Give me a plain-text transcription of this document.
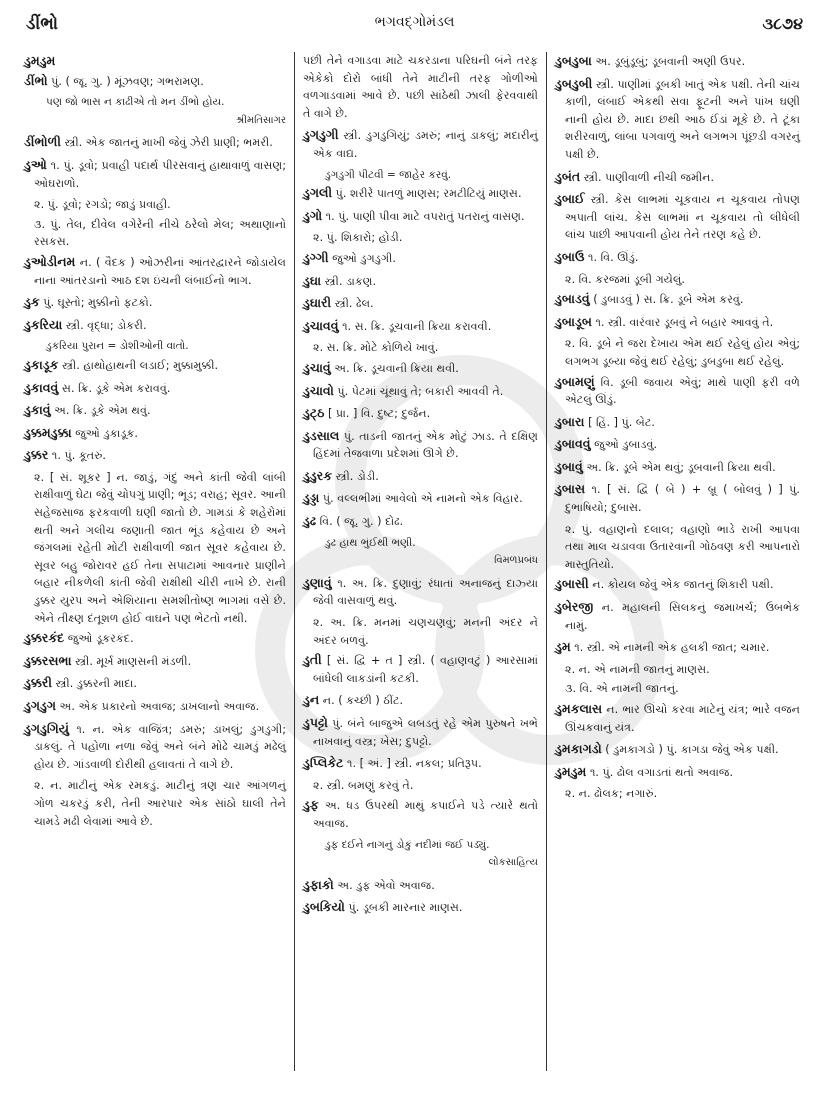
ડીંભો	ભગવદ્ગોમંડલ	૩૮૭૪
ડુમડુમ

ડીંભો પું. ( જૂ. ગુ. ) મૂંઝવણ; ગભરામણ.

પણ જો ભાસ ન કાઢીએ તો મન ડીંભો હોય.

શ્રીમતિસાગર

ડીંભોળી સ્ત્રી. એક જાતનું માખી જેવું ઝેરી પ્રાણી; ભમરી.

ડુઓ ૧. પું. ડૂવો; પ્રવાહી પદાર્થ પીરસવાનું હાથાવાળું વાસણ; ઓઘરાળો.

૨. પું. ડૂવો; રગડો; જાડું પ્રવાહી.

૩. પું. તેલ, દીવેલ વગેરેની નીચે ઠરેલો મેલ; અથાણાનો રસકસ.

ડુઓડીનમ ન. ( વૈદક ) ઓઝરીનાં આંતરદ્વારને જોડાયેલ નાના આંતરડાનો આઠ દશ ઇંચની લંબાઈનો ભાગ.

ડુક પું. ઘૂસ્તો; મુક્કીનો ફટકો.

ડુકરિયા સ્ત્રી. વૃદ્ધા; ડોકરી.

ડુકરિયા પુરાન = ડોશીઓની વાતો.

ડુકાડૂક સ્ત્રી. હાથોહાથની લડાઈ; મુક્કામુક્કી.

ડુકાવવું સ. ક્રિ. ડૂકે એમ કરાવવું.

ડુકાવું અ. ક્રિ. ડૂકે એમ થવું.

ડુક્કમડુક્કા જુઓ ડુકાડૂક.

ડુક્કર ૧. પું. કૂતરું.

૨. [ સં. શૂકર ] ન. જાડું, ગંદું અને કાંતી જેવી લાંબી રાક્ષીવાળું ઘેટા જેવું ચોપગું પ્રાણી; ભૂંડ; વરાહ; સૂવર. આની સહેજસાજ ફરકવાળી ઘણી જાતો છે. ગામડાં કે શહેરોમાં થતી અને ગલીચ જણાતી જાત ભૂંડ કહેવાય છે અને જંગલમાં રહેતી મોટી રાક્ષીવાળી જાત સૂવર કહેવાય છે. સૂવર બહુ જોરાવર હઈ તેના સપાટામાં આવનાર પ્રાણીને બહાર નીકળેલી કાંતી જેવી રાક્ષીથી ચીરી નાખે છે. રાની ડુક્કર યુરપ અને એશિયાના સમશીતોષ્ણ ભાગમાં વસે છે. એને તીક્ષ્ણ દંતૂશળ હોઈ વાઘને પણ ભેટતો નથી.

ડુક્કરકંદ જુઓ ડૂકરકંદ.

ડુક્કરસભા સ્ત્રી. મૂર્ખ માણસની મંડળી.

ડુક્કરી સ્ત્રી. ડુક્કરની માદા.

ડુગડુગ અ. એક પ્રકારનો અવાજ; ડાખલાનો અવાજ.

ડુગડુગિયું ૧. ન. એક વાજિંત્ર; ડમરું; ડાખલું; ડુગડુગી; ડાકલું. તે પહોળા નળા જેવું અને બંને મોઢે ચામડું મઢેલું હોય છે. ગાંડવાળી દોરીથી હલાવતાં તે વાગે છે.

૨. ન. માટીનું એક રમકડું. માટીનું ત્રણ ચાર આંગળનું ગોળ ચકરડું કરી, તેની આરપાર એક સાંઠો ઘાલી તેને ચામડે મઢી લેવામાં આવે છે.

પછી તેને વગાડવા માટે ચકરડાના પરિઘની બંને તરફ એકેકો દોરો બાંધી તેને માટીની તરફ ગોળીઓ વળગાડવામાં આવે છે. પછી સાંઠેથી ઝાલી ફેરવવાથી તે વાગે છે.

ડુગડુગી સ્ત્રી. ડુગડુગિયું; ડમરું; નાનું ડાકલું; મદારીનું એક વાદ્ય.

ડુગડુગી પીટવી = જાહેર કરવું.

ડુગલી પું. શરીરે પાતળું માણસ; રમટીટિયું માણસ.

ડુગો ૧. પું. પાણી પીવા માટે વપરાતું પતરાનું વાસણ.

૨. પું. શિકારો; હોડી.

ડુગ્ગી જુઓ ડુગડુગી.

ડુઘા સ્ત્રી. ડાકણ.

ડુઘારી સ્ત્રી. ઢેલ.

ડુચાવવું ૧. સ. ક્રિ. ડૂચવાની ક્રિયા કરાવવી.

૨. સ. ક્રિ. મોટે કોળિયે ખાવું.

ડુચાવું અ. ક્રિ. ડૂચવાની ક્રિયા થવી.

ડુચાવો પું. પેટમાં ચૂંથાવું તે; બકારી આવવી તે.

ડુટ્ઠ [ પ્રા. ] વિ. દુષ્ટ; દુર્જન.

ડુડસાલ પું. તાડની જાતનું એક મોટું ઝાડ. તે દક્ષિણ હિંદમાં તેજવાળા પ્રદેશમાં ઊગે છે.

ડુડુરક સ્ત્રી. ડોડી.

ડુડ્ડા પું. વલ્લભીમાં આવેલો એ નામનો એક વિહાર.

ડુઢ વિ. ( જૂ. ગુ. ) દોઢ.

ડુઢ હાથ ભુંઈથી ભણી.

વિમળપ્રબંધ

ડુણાવું ૧. અ. ક્રિ. દુણાવું; રંધાતાં અનાજનું દાઝ્યા જેવી વાસવાળું થવું.

૨. અ. ક્રિ. મનમાં ચણચણવું; મનની અંદર ને અંદર બળવું.

ડુતી [ સં. દ્વિ + ત ] સ્ત્રી. ( વહાણવટું ) આરસામાં બાંધેલી લાકડાંની કટકી.

ડુન ન. ( કચ્છી ) ઠીંટ.

ડુપટ્ટો પું. બંને બાજુએ લબડતું રહે એમ પુરુષને ખભે નાખવાનું વસ્ત્ર; ખેસ; દુપટ્ટો.

ડુપ્લિકેટ ૧. [ અં. ] સ્ત્રી. નકલ; પ્રતિરૂપ.

૨. સ્ત્રી. બમણું કરવું તે.

ડુફ અ. ધડ ઉપરથી માથું કપાઈને પડે ત્યારે થતો અવાજ.

ડુફ દઈને નાગનું ડોકું નદીમાં જઈ પડ્યું.

લોકસાહિત્ય

ડુફાકો અ. ડુફ એવો અવાજ.

ડુબકિયો પું. ડૂબકી મારનાર માણસ.

ડુબડુબા અ. ડૂબુંડૂબું; ડૂબવાની અણી ઉપર.

ડુબડુબી સ્ત્રી. પાણીમાં ડૂબકી ખાતું એક પક્ષી. તેની ચાંચ કાળી, લંબાઈ એકથી સવા ફૂટની અને પાંખ ઘણી નાની હોય છે. માદા છથી આઠ ઈંડાં મૂકે છે. તે ટૂંકા શરીરવાળું, લાંબા પગવાળું અને લગભગ પૂંછડી વગરનું પક્ષી છે.

ડુબંત સ્ત્રી. પાણીવાળી નીચી જમીન.

ડુબાઈ સ્ત્રી. કેસ લાભમાં ચૂકવાય ન ચૂકવાય તોપણ અપાતી લાંચ. કેસ લાભમાં ન ચૂકવાય તો લીધેલી લાંચ પાછી આપવાની હોય તેને તરણ કહે છે.

ડુબાઉ ૧. વિ. ઊંડું.

૨. વિ. કરજમાં ડૂબી ગયેલું.

ડુબાડવું ( ડુબાડવું ) સ. ક્રિ. ડૂબે એમ કરવું.

ડુબાડૂબ ૧. સ્ત્રી. વારંવાર ડૂબવું ને બહાર આવવું તે.

૨. વિ. ડૂબે ને જરા દેખાય એમ થઈ રહેલું હોય એવું; લગભગ ડૂબ્યા જેવું થઈ રહેલું; ડુબડુબા થઈ રહેલું.

ડુબામણું વિ. ડૂબી જવાય એવું; માથે પાણી ફરી વળે એટલું ઊંડું.

ડુબારા [ હિં. ] પું. બેટ.

ડુબાવવું જુઓ ડુબાડવું.

ડુબાવું અ. ક્રિ. ડૂબે એમ થવું; ડૂબવાની ક્રિયા થવી.

ડુબાસ ૧. [ સં. દ્વિ ( બે ) + બ્રૂ ( બોલવું ) ] પું. દુભાષિયો; દુબાસ.

૨. પું. વહાણનો દલાલ; વહાણો ભાડે રાખી આપવા તથા માલ ચડાવવા ઉતારવાની ગોઠવણ કરી આપનારો માસ્તુતિયો.

ડુબાસી ન. કોયલ જેવું એક જાતનું શિકારી પક્ષી.

ડુબેરજી ન. મહાલની સિલકનું જમાખર્ચ; ઉબભેક નામું.

ડુમ ૧. સ્ત્રી. એ નામની એક હલકી જાત; ચમાર.

૨. ન. એ નામની જાતનું માણસ.

૩. વિ. એ નામની જાતનું.

ડુમકલાસ ન. ભાર ઊંચો કરવા માટેનું યંત્ર; ભારે વજન ઊંચકવાનું યંત્ર.

ડુમકાગડો ( ડુમકાગડો ) પું. કાગડા જેવું એક પક્ષી.

ડુમડુમ ૧. પું. ઢોલ વગાડતાં થતો અવાજ.

૨. ન. ઢોલક; નગારું.
